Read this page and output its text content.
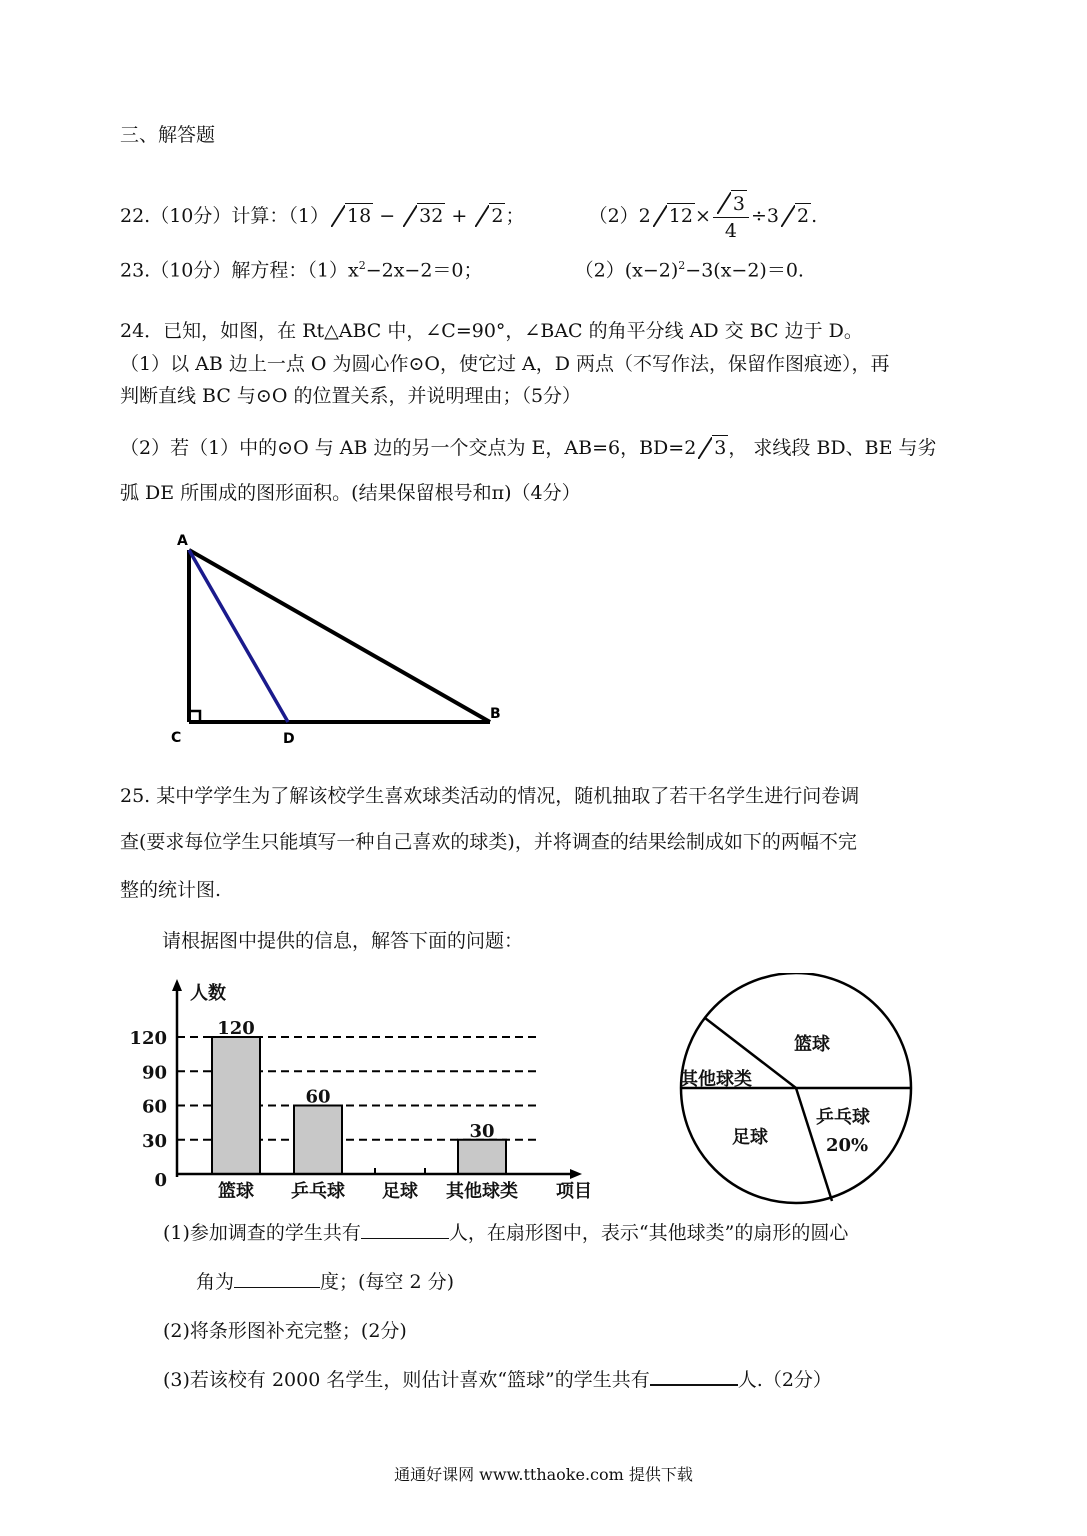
三、解答题
22.（10分）计算：（1） 18 − 32 + 2 ；	（2）2 $12 \times \frac{3}{4} \div 3$ 2 .
23.（10分）解方程：$(1)x^2-2x-2=0$；	$(2)(x-2)^2-3(x-2)=0$.
24．已知，如图，在 Rt△ABC 中，∠C=90°，∠BAC 的角平分线 AD 交 BC 边于 D。
（1）以 AB 边上一点 O 为圆心作⊙O，使它过 A，D 两点（不写作法，保留作图痕迹），再
判断直线 BC 与⊙O 的位置关系，并说明理由；（5分）
（2）若（1）中的⊙O 与 AB 边的另一个交点为 E，AB=6，BD=2 3 ， 求线段 BD、BE 与劣
弧 DE 所围成的图形面积。(结果保留根号和π)（4分）
A
B
C	D
25. 某中学学生为了解该校学生喜欢球类活动的情况，随机抽取了若干名学生进行问卷调
查(要求每位学生只能填写一种自己喜欢的球类)，并将调查的结果绘制成如下的两幅不完
整的统计图.
请根据图中提供的信息，解答下面的问题：
人数
项目
0
30
60
90
120
篮球 乒乓球 足球 其他球类
120
60
30
篮球
乒乓球
20%
足球
其他球类
(1)参加调查的学生共有	人，在扇形图中，表示“其他球类”的扇形的圆心
角为	度；(每空 2 分)
(2)将条形图补充完整；(2分)
(3)若该校有 2000 名学生，则估计喜欢“篮球”的学生共有	人.（2分）
通通好课网 www.tthaoke.com 提供下载
